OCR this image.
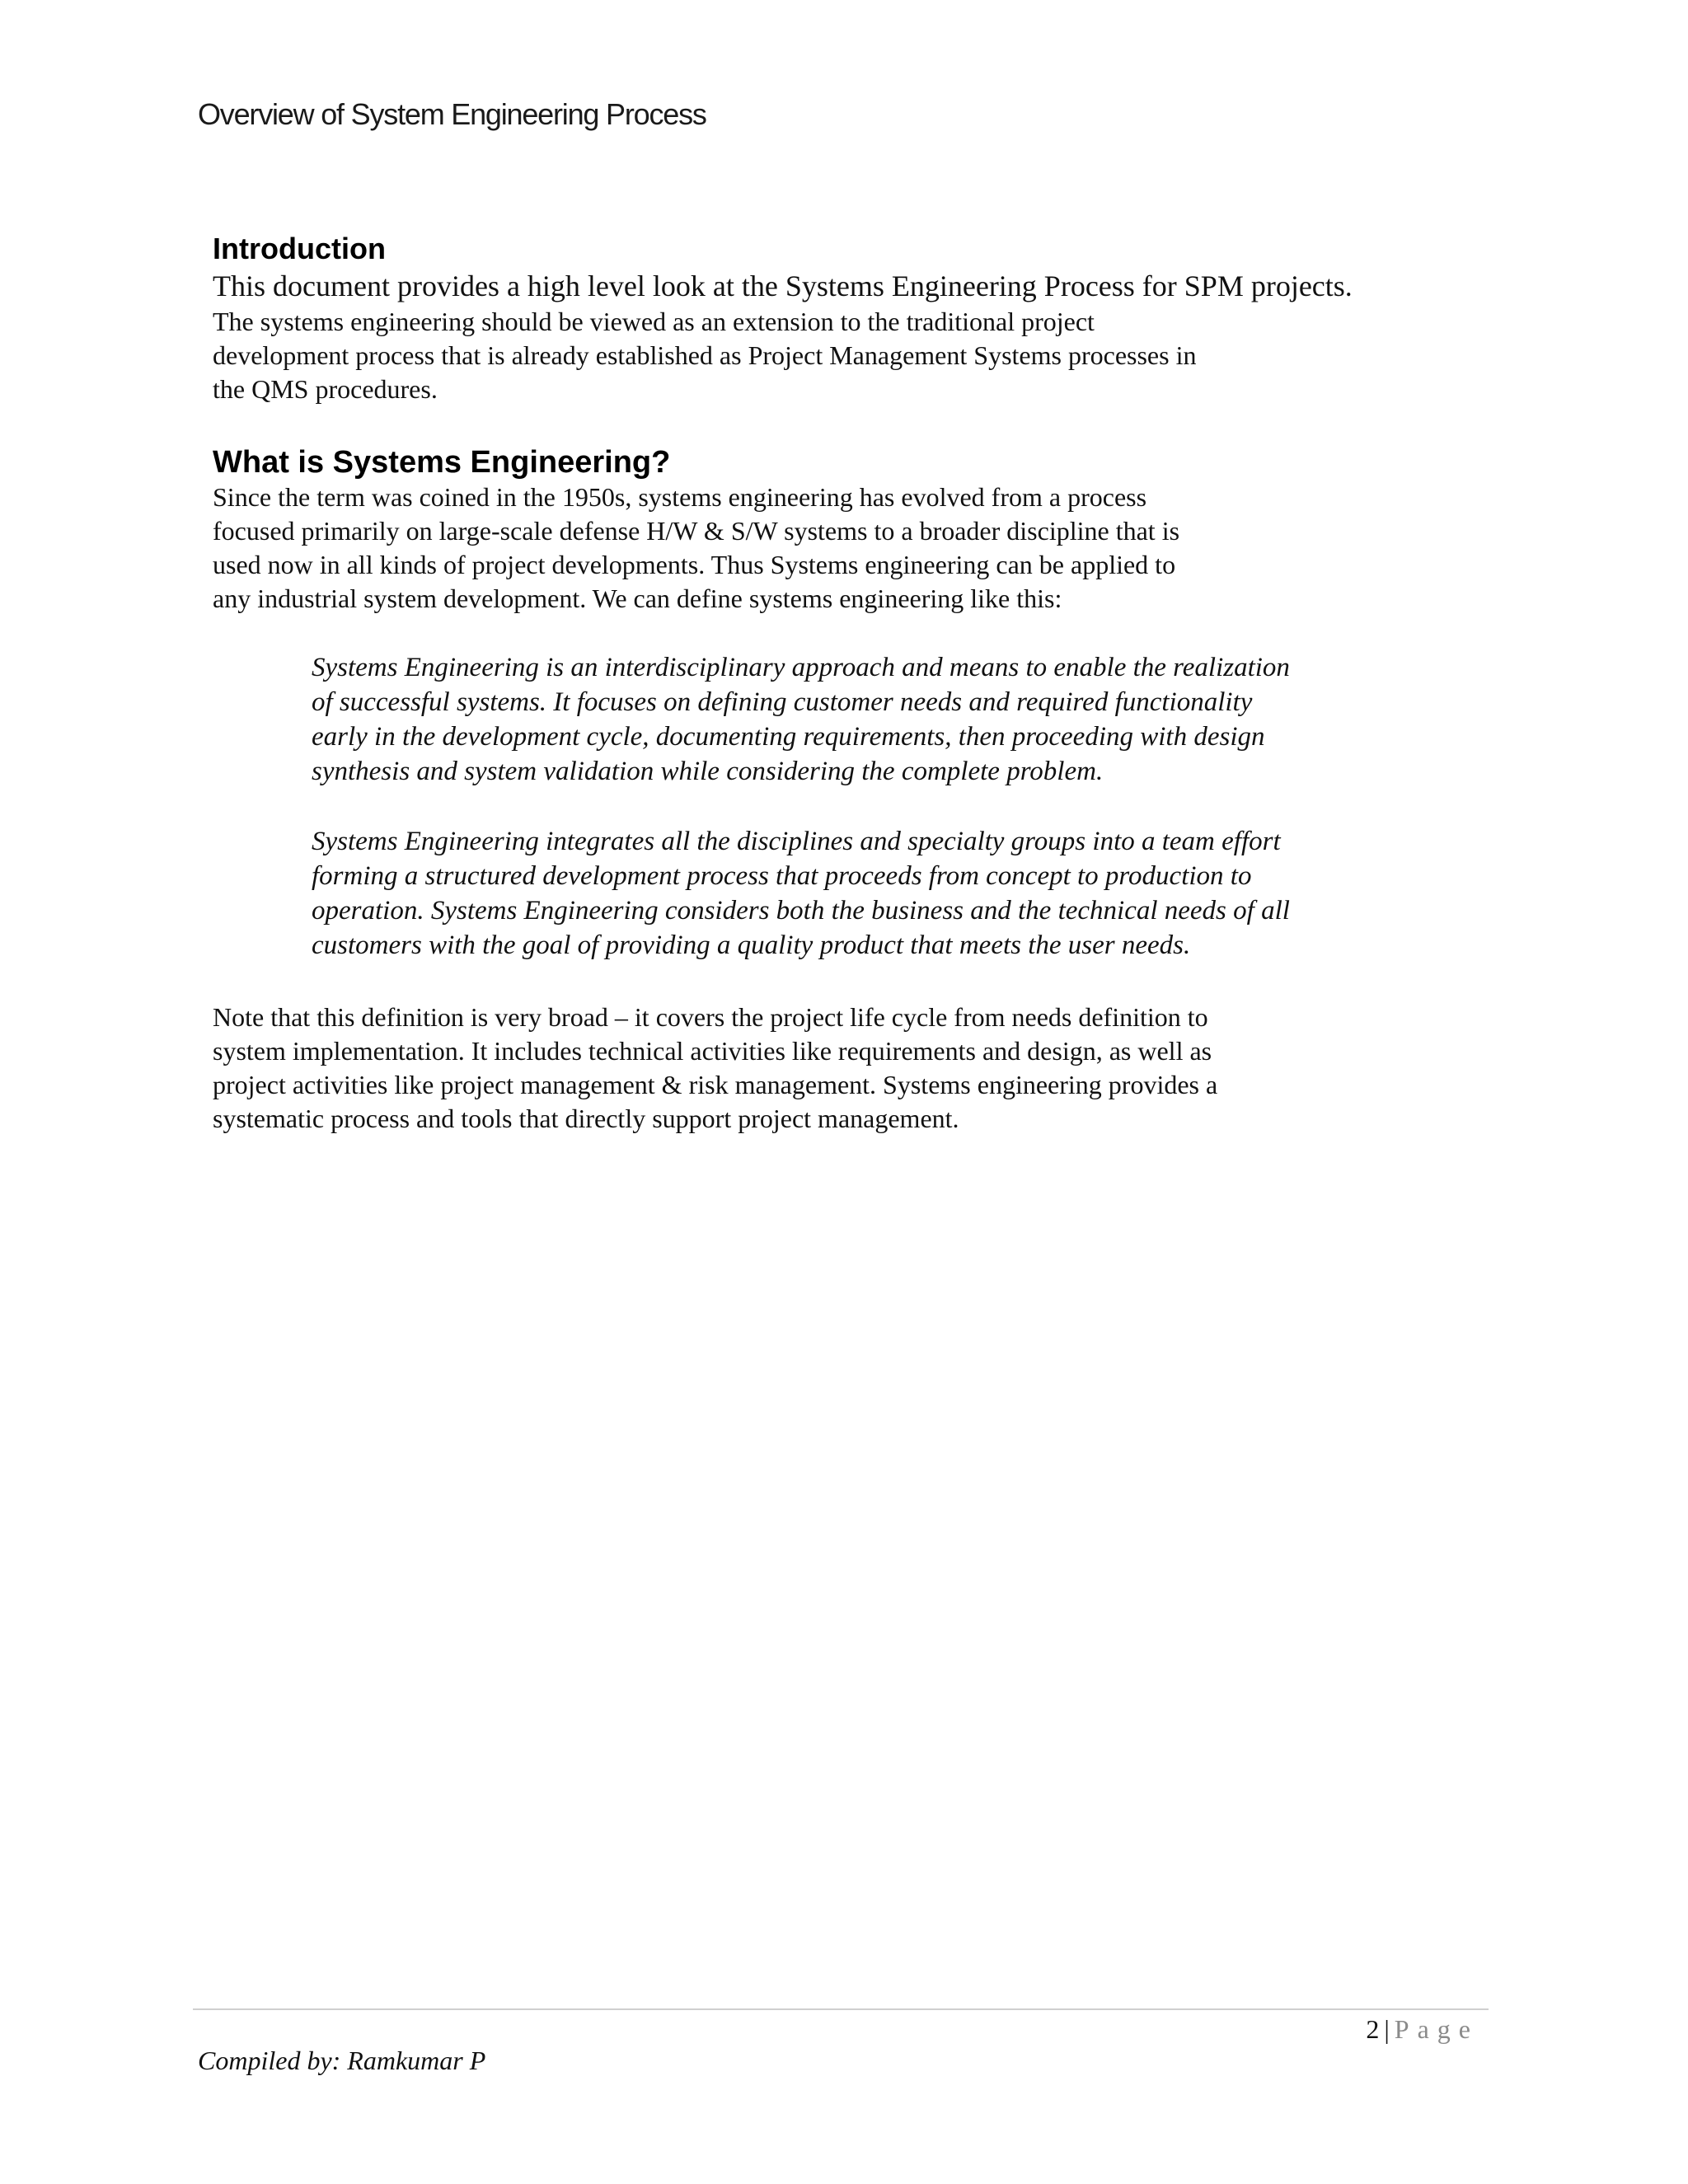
Overview of System Engineering Process
Introduction

This document provides a high level look at the Systems Engineering Process for SPM projects.
The systems engineering should be viewed as an extension to the traditional project
development process that is already established as Project Management Systems processes in
the QMS procedures.

What is Systems Engineering?

Since the term was coined in the 1950s, systems engineering has evolved from a process
focused primarily on large-scale defense H/W & S/W systems to a broader discipline that is
used now in all kinds of project developments. Thus Systems engineering can be applied to
any industrial system development. We can define systems engineering like this:

Systems Engineering is an interdisciplinary approach and means to enable the realization
of successful systems. It focuses on defining customer needs and required functionality
early in the development cycle, documenting requirements, then proceeding with design
synthesis and system validation while considering the complete problem.
Systems Engineering integrates all the disciplines and specialty groups into a team effort
forming a structured development process that proceeds from concept to production to
operation. Systems Engineering considers both the business and the technical needs of all
customers with the goal of providing a quality product that meets the user needs.

Note that this definition is very broad – it covers the project life cycle from needs definition to
system implementation. It includes technical activities like requirements and design, as well as
project activities like project management & risk management. Systems engineering provides a
systematic process and tools that directly support project management.

2 | Page
Compiled by: Ramkumar P
